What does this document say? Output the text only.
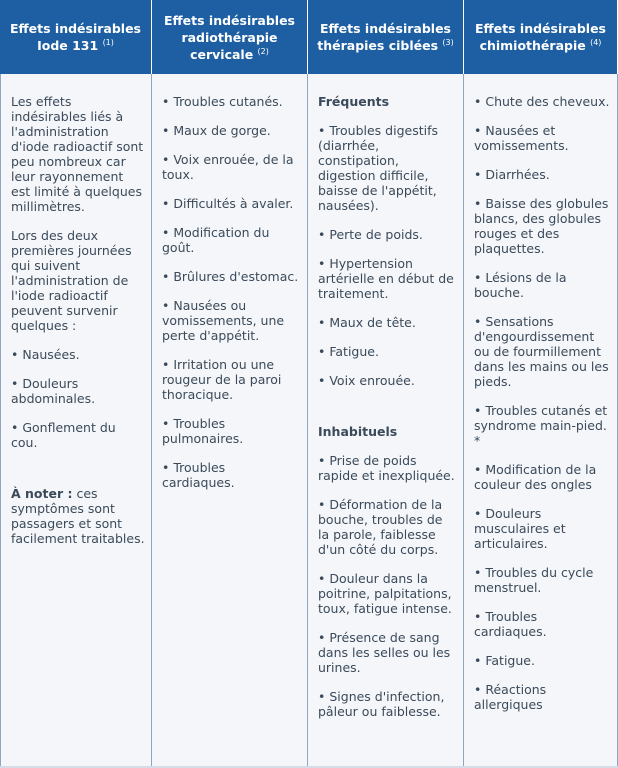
Effets indésirables Iode 131 $^{(1)}$
Effets indésirables radiothérapie cervicale $^{(2)}$
Effets indésirables thérapies ciblées $^{(3)}$
Effets indésirables chimiothérapie $^{(4)}$

Les effets indésirables liés à l'administration d'iode radioactif sont peu nombreux car leur rayonnement est limité à quelques millimètres.

Lors des deux premières journées qui suivent l'administration de l'iode radioactif peuvent survenir quelques :

• Nausées.
• Douleurs abdominales.
• Gonflement du cou.

À noter : ces symptômes sont passagers et sont facilement traitables.

• Troubles cutanés.
• Maux de gorge.
• Voix enrouée, de la toux.
• Difficultés à avaler.
• Modification du goût.
• Brûlures d'estomac.
• Nausées ou vomissements, une perte d'appétit.
• Irritation ou une rougeur de la paroi thoracique.
• Troubles pulmonaires.
• Troubles cardiaques.
Fréquents
• Troubles digestifs (diarrhée, constipation, digestion difficile, baisse de l'appétit, nausées).
• Perte de poids.
• Hypertension artérielle en début de traitement.
• Maux de tête.
• Fatigue.
• Voix enrouée.
Inhabituels
• Prise de poids rapide et inexpliquée.
• Déformation de la bouche, troubles de la parole, faiblesse d'un côté du corps.
• Douleur dans la poitrine, palpitations, toux, fatigue intense.
• Présence de sang dans les selles ou les urines.
• Signes d'infection, pâleur ou faiblesse.
• Chute des cheveux.
• Nausées et vomissements.
• Diarrhées.
• Baisse des globules blancs, des globules rouges et des plaquettes.
• Lésions de la bouche.
• Sensations d'engourdissement ou de fourmillement dans les mains ou les pieds.
• Troubles cutanés et syndrome main-pied. *
• Modification de la couleur des ongles
• Douleurs musculaires et articulaires.
• Troubles du cycle menstruel.
• Troubles cardiaques.
• Fatigue.
• Réactions allergiques
